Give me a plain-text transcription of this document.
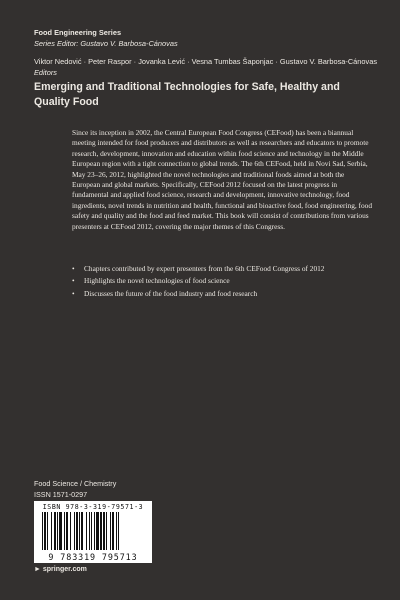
Food Engineering Series
Series Editor: Gustavo V. Barbosa-Cánovas
Viktor Nedović · Peter Raspor · Jovanka Lević · Vesna Tumbas Šaponjac · Gustavo V. Barbosa-Cánovas
Editors
Emerging and Traditional Technologies for Safe, Healthy and Quality Food

Since its inception in 2002, the Central European Food Congress (CEFood) has been a biannual meeting intended for food producers and distributors as well as researchers and educators to promote research, development, innovation and education within food science and technology in the Middle European region with a tight connection to global trends. The 6th CEFood, held in Novi Sad, Serbia, May 23–26, 2012, highlighted the novel technologies and traditional foods aimed at both the European and global markets. Specifically, CEFood 2012 focused on the latest progress in fundamental and applied food science, research and development, innovative technology, food ingredients, novel trends in nutrition and health, functional and bioactive food, food engineering, food safety and quality and the food and feed market. This book will consist of contributions from various presenters at CEFood 2012, covering the major themes of this Congress.

• Chapters contributed by expert presenters from the 6th CEFood Congress of 2012
• Highlights the novel technologies of food science
• Discusses the future of the food industry and food research
Food Science / Chemistry
ISSN 1571-0297
ISBN 978-3-319-79571-3
9 783319 795713
► springer.com
